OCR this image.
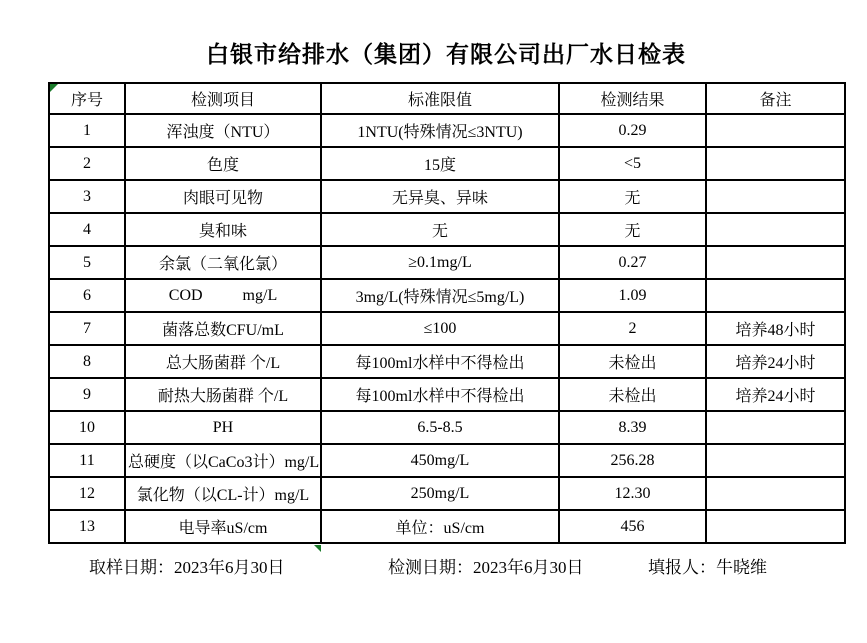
白银市给排水（集团）有限公司出厂水日检表
序号	检测项目	标准限值	检测结果	备注
1	浑浊度（NTU）	1NTU(特殊情况≤3NTU)	0.29	
2	色度	15度	<5	
3	肉眼可见物	无异臭、异味	无	
4	臭和味	无	无	
5	余氯（二氧化氯）	≥0.1mg/L	0.27	
6	COD          mg/L	3mg/L(特殊情况≤5mg/L)	1.09	
7	菌落总数CFU/mL	≤100	2	培养48小时
8	总大肠菌群 个/L	每100ml水样中不得检出	未检出	培养24小时
9	耐热大肠菌群 个/L	每100ml水样中不得检出	未检出	培养24小时
10	PH	6.5-8.5	8.39	
11	总硬度（以CaCo3计）mg/L	450mg/L	256.28	
12	氯化物（以CL-计）mg/L	250mg/L	12.30	
13	电导率uS/cm	单位：uS/cm	456	
取样日期：2023年6月30日	检测日期：2023年6月30日	填报人：牛晓维
